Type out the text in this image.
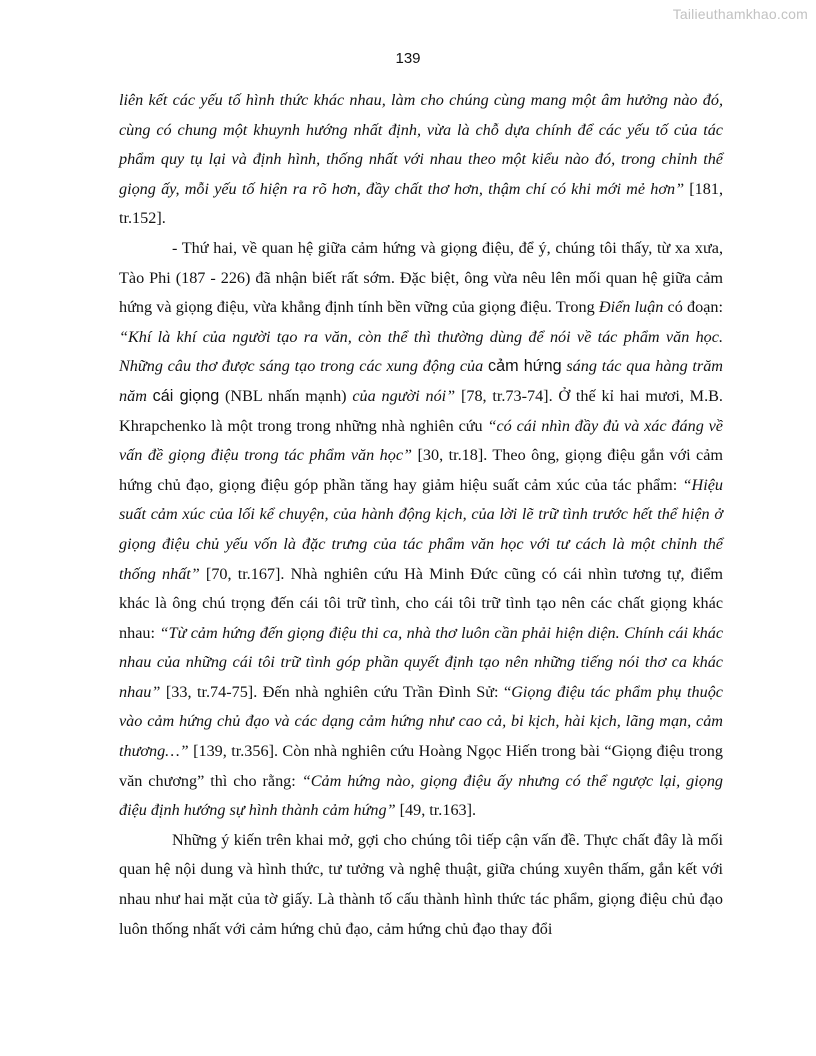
Tailieuthamkhao.com
139

liên kết các yếu tố hình thức khác nhau, làm cho chúng cùng mang một âm hưởng nào đó, cùng có chung một khuynh hướng nhất định, vừa là chỗ dựa chính để các yếu tố của tác phẩm quy tụ lại và định hình, thống nhất với nhau theo một kiểu nào đó, trong chỉnh thể giọng ấy, mỗi yếu tố hiện ra rõ hơn, đầy chất thơ hơn, thậm chí có khi mới mẻ hơn” [181, tr.152].

- Thứ hai, về quan hệ giữa cảm hứng và giọng điệu, để ý, chúng tôi thấy, từ xa xưa, Tào Phi (187 - 226) đã nhận biết rất sớm. Đặc biệt, ông vừa nêu lên mối quan hệ giữa cảm hứng và giọng điệu, vừa khẳng định tính bền vững của giọng điệu. Trong Điển luận có đoạn: “Khí là khí của người tạo ra văn, còn thể thì thường dùng để nói về tác phẩm văn học. Những câu thơ được sáng tạo trong các xung động của cảm hứng sáng tác qua hàng trăm năm cái giọng (NBL nhấn mạnh) của người nói” [78, tr.73-74]. Ở thế kỉ hai mươi, M.B. Khrapchenko là một trong trong những nhà nghiên cứu “có cái nhìn đầy đủ và xác đáng về vấn đề giọng điệu trong tác phẩm văn học” [30, tr.18]. Theo ông, giọng điệu gắn với cảm hứng chủ đạo, giọng điệu góp phần tăng hay giảm hiệu suất cảm xúc của tác phẩm: “Hiệu suất cảm xúc của lối kể chuyện, của hành động kịch, của lời lẽ trữ tình trước hết thể hiện ở giọng điệu chủ yếu vốn là đặc trưng của tác phẩm văn học với tư cách là một chỉnh thể thống nhất” [70, tr.167]. Nhà nghiên cứu Hà Minh Đức cũng có cái nhìn tương tự, điểm khác là ông chú trọng đến cái tôi trữ tình, cho cái tôi trữ tình tạo nên các chất giọng khác nhau: “Từ cảm hứng đến giọng điệu thi ca, nhà thơ luôn cần phải hiện diện. Chính cái khác nhau của những cái tôi trữ tình góp phần quyết định tạo nên những tiếng nói thơ ca khác nhau” [33, tr.74-75]. Đến nhà nghiên cứu Trần Đình Sử: “Giọng điệu tác phẩm phụ thuộc vào cảm hứng chủ đạo và các dạng cảm hứng như cao cả, bi kịch, hài kịch, lãng mạn, cảm thương…” [139, tr.356]. Còn nhà nghiên cứu Hoàng Ngọc Hiến trong bài “Giọng điệu trong văn chương” thì cho rằng: “Cảm hứng nào, giọng điệu ấy nhưng có thể ngược lại, giọng điệu định hướng sự hình thành cảm hứng” [49, tr.163].

Những ý kiến trên khai mở, gợi cho chúng tôi tiếp cận vấn đề. Thực chất đây là mối quan hệ nội dung và hình thức, tư tưởng và nghệ thuật, giữa chúng xuyên thấm, gắn kết với nhau như hai mặt của tờ giấy. Là thành tố cấu thành hình thức tác phẩm, giọng điệu chủ đạo luôn thống nhất với cảm hứng chủ đạo, cảm hứng chủ đạo thay đổi
